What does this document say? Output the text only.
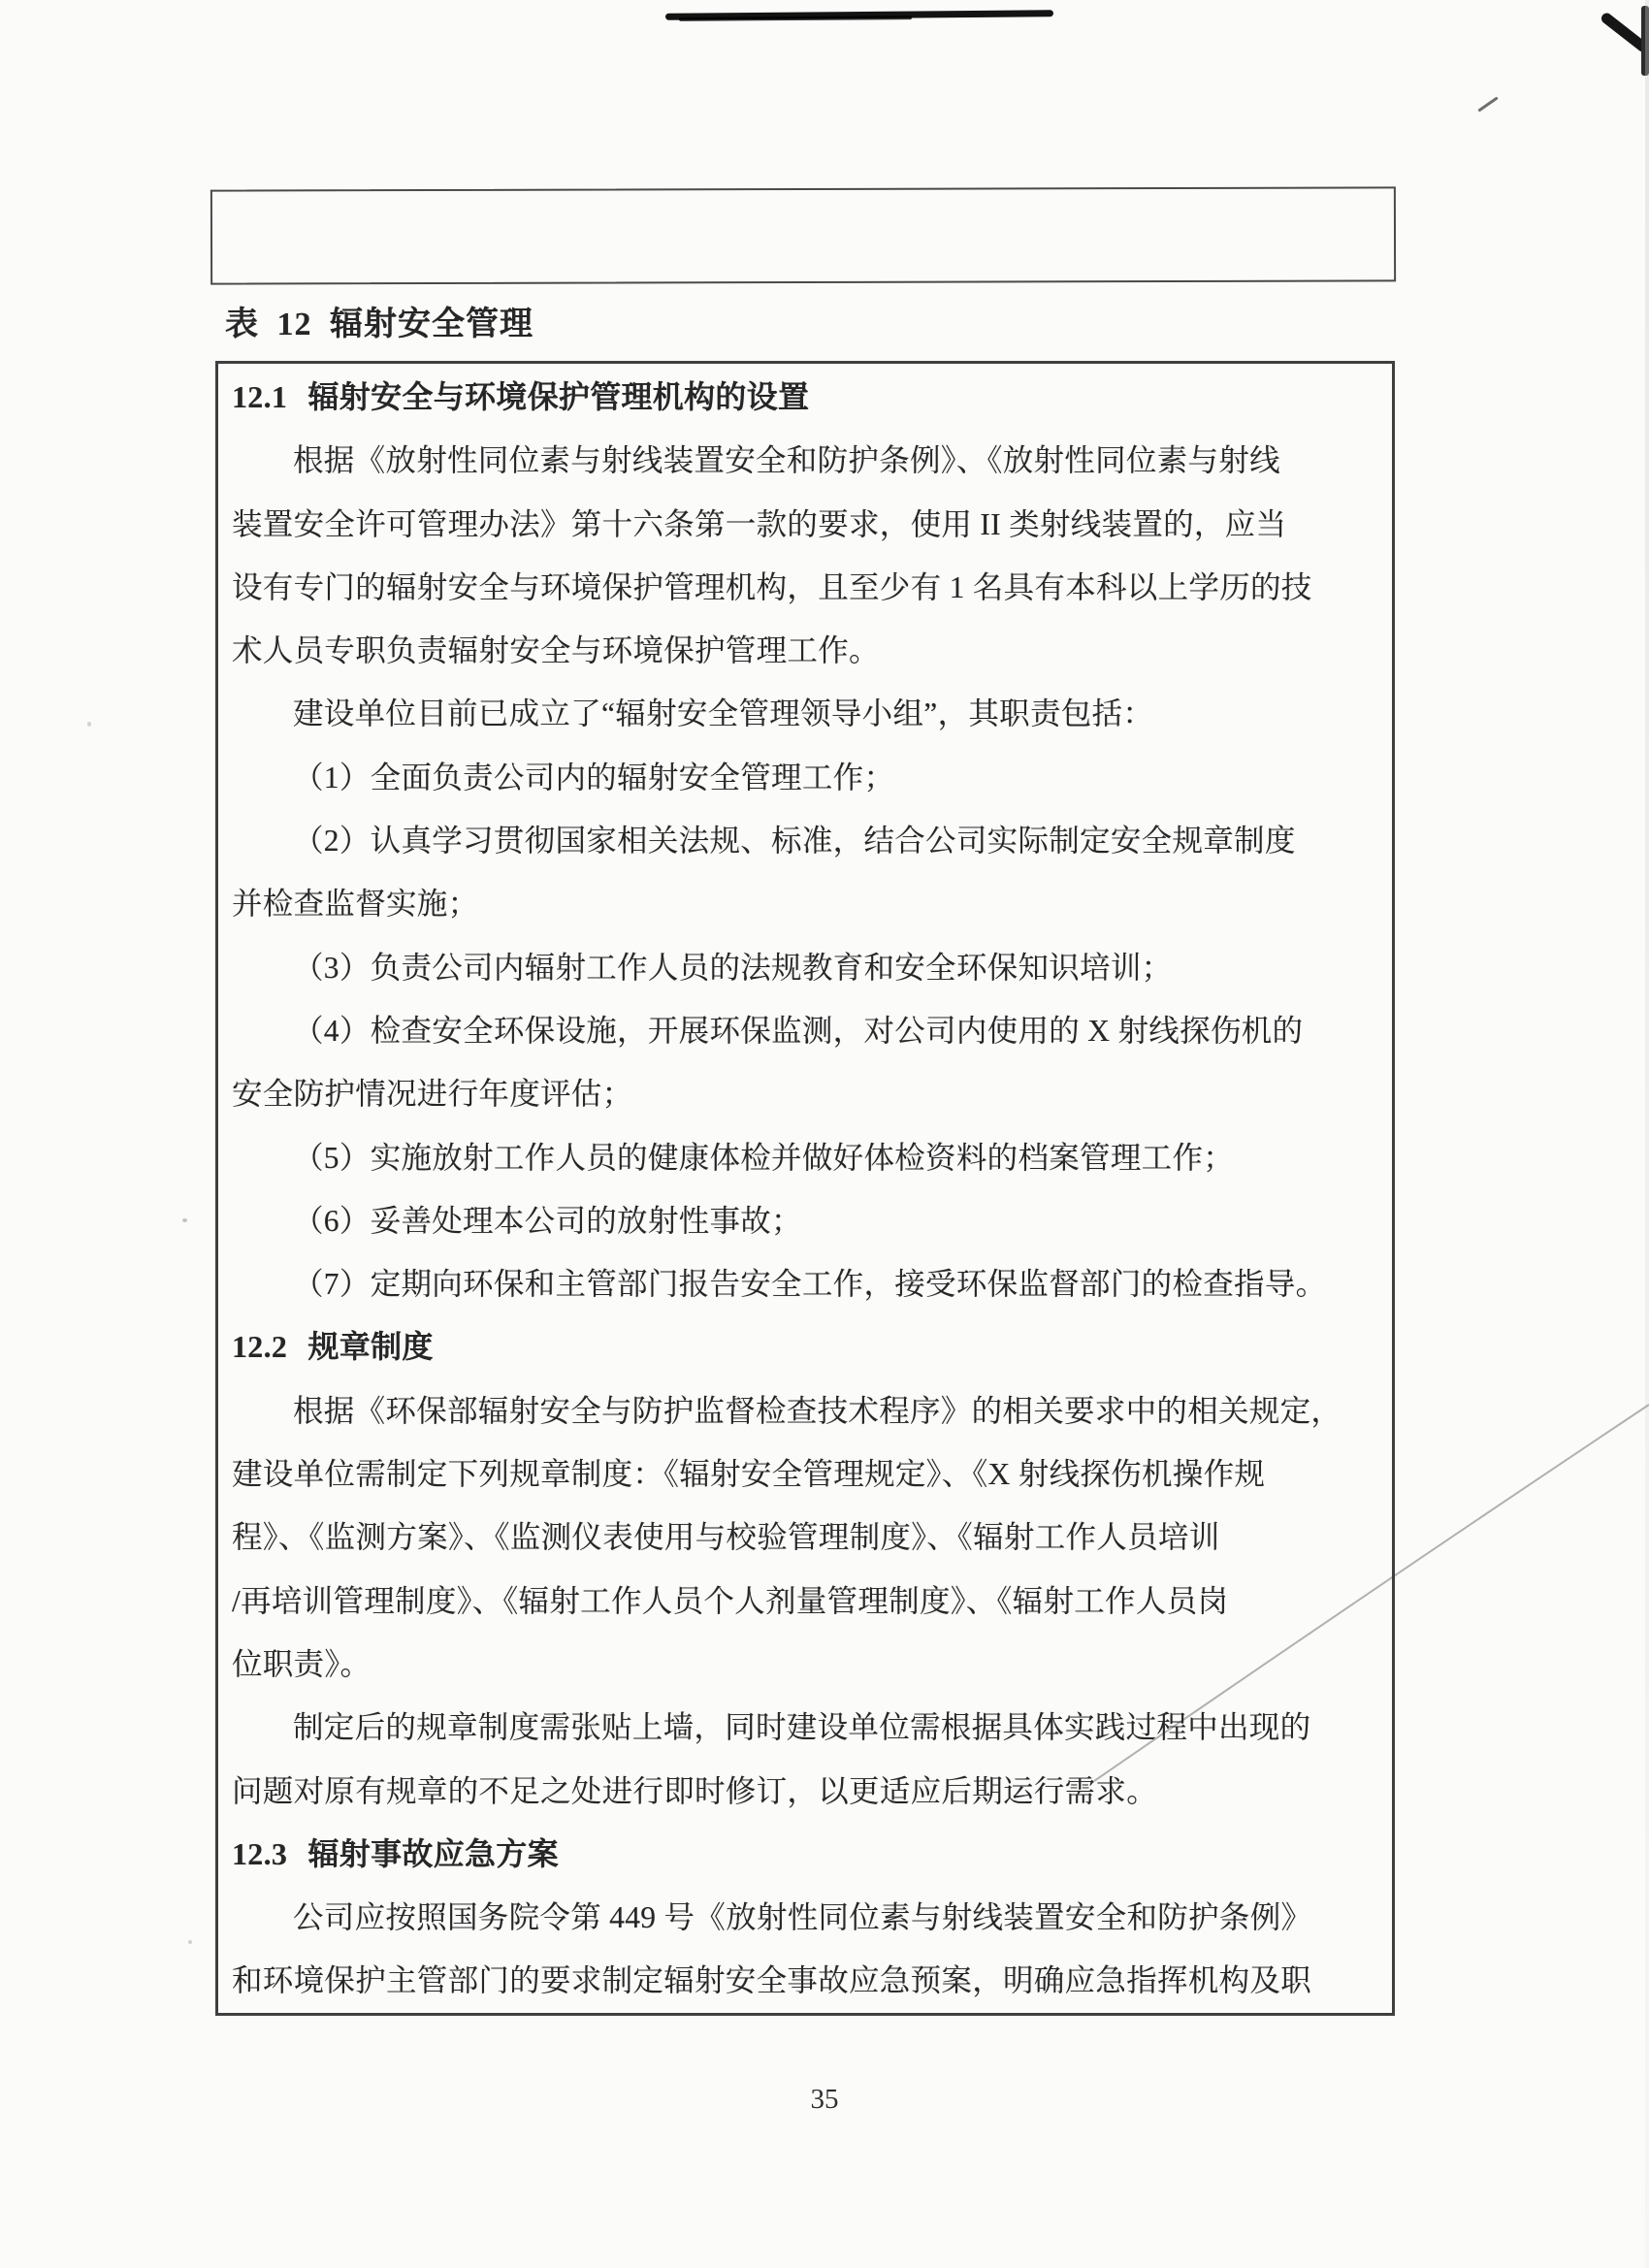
表 12 辐射安全管理
12.1 辐射安全与环境保护管理机构的设置
根据《放射性同位素与射线装置安全和防护条例》、《放射性同位素与射线
装置安全许可管理办法》第十六条第一款的要求，使用 II 类射线装置的，应当
设有专门的辐射安全与环境保护管理机构，且至少有 1 名具有本科以上学历的技
术人员专职负责辐射安全与环境保护管理工作。
建设单位目前已成立了“辐射安全管理领导小组”，其职责包括：
（1）全面负责公司内的辐射安全管理工作；
（2）认真学习贯彻国家相关法规、标准，结合公司实际制定安全规章制度
并检查监督实施；
（3）负责公司内辐射工作人员的法规教育和安全环保知识培训；
（4）检查安全环保设施，开展环保监测，对公司内使用的 X 射线探伤机的
安全防护情况进行年度评估；
（5）实施放射工作人员的健康体检并做好体检资料的档案管理工作；
（6）妥善处理本公司的放射性事故；
（7）定期向环保和主管部门报告安全工作，接受环保监督部门的检查指导。
12.2 规章制度
根据《环保部辐射安全与防护监督检查技术程序》的相关要求中的相关规定，
建设单位需制定下列规章制度：《辐射安全管理规定》、《X 射线探伤机操作规
程》、《监测方案》、《监测仪表使用与校验管理制度》、《辐射工作人员培训
/再培训管理制度》、《辐射工作人员个人剂量管理制度》、《辐射工作人员岗
位职责》。
制定后的规章制度需张贴上墙，同时建设单位需根据具体实践过程中出现的
问题对原有规章的不足之处进行即时修订，以更适应后期运行需求。
12.3 辐射事故应急方案
公司应按照国务院令第 449 号《放射性同位素与射线装置安全和防护条例》
和环境保护主管部门的要求制定辐射安全事故应急预案，明确应急指挥机构及职
35
